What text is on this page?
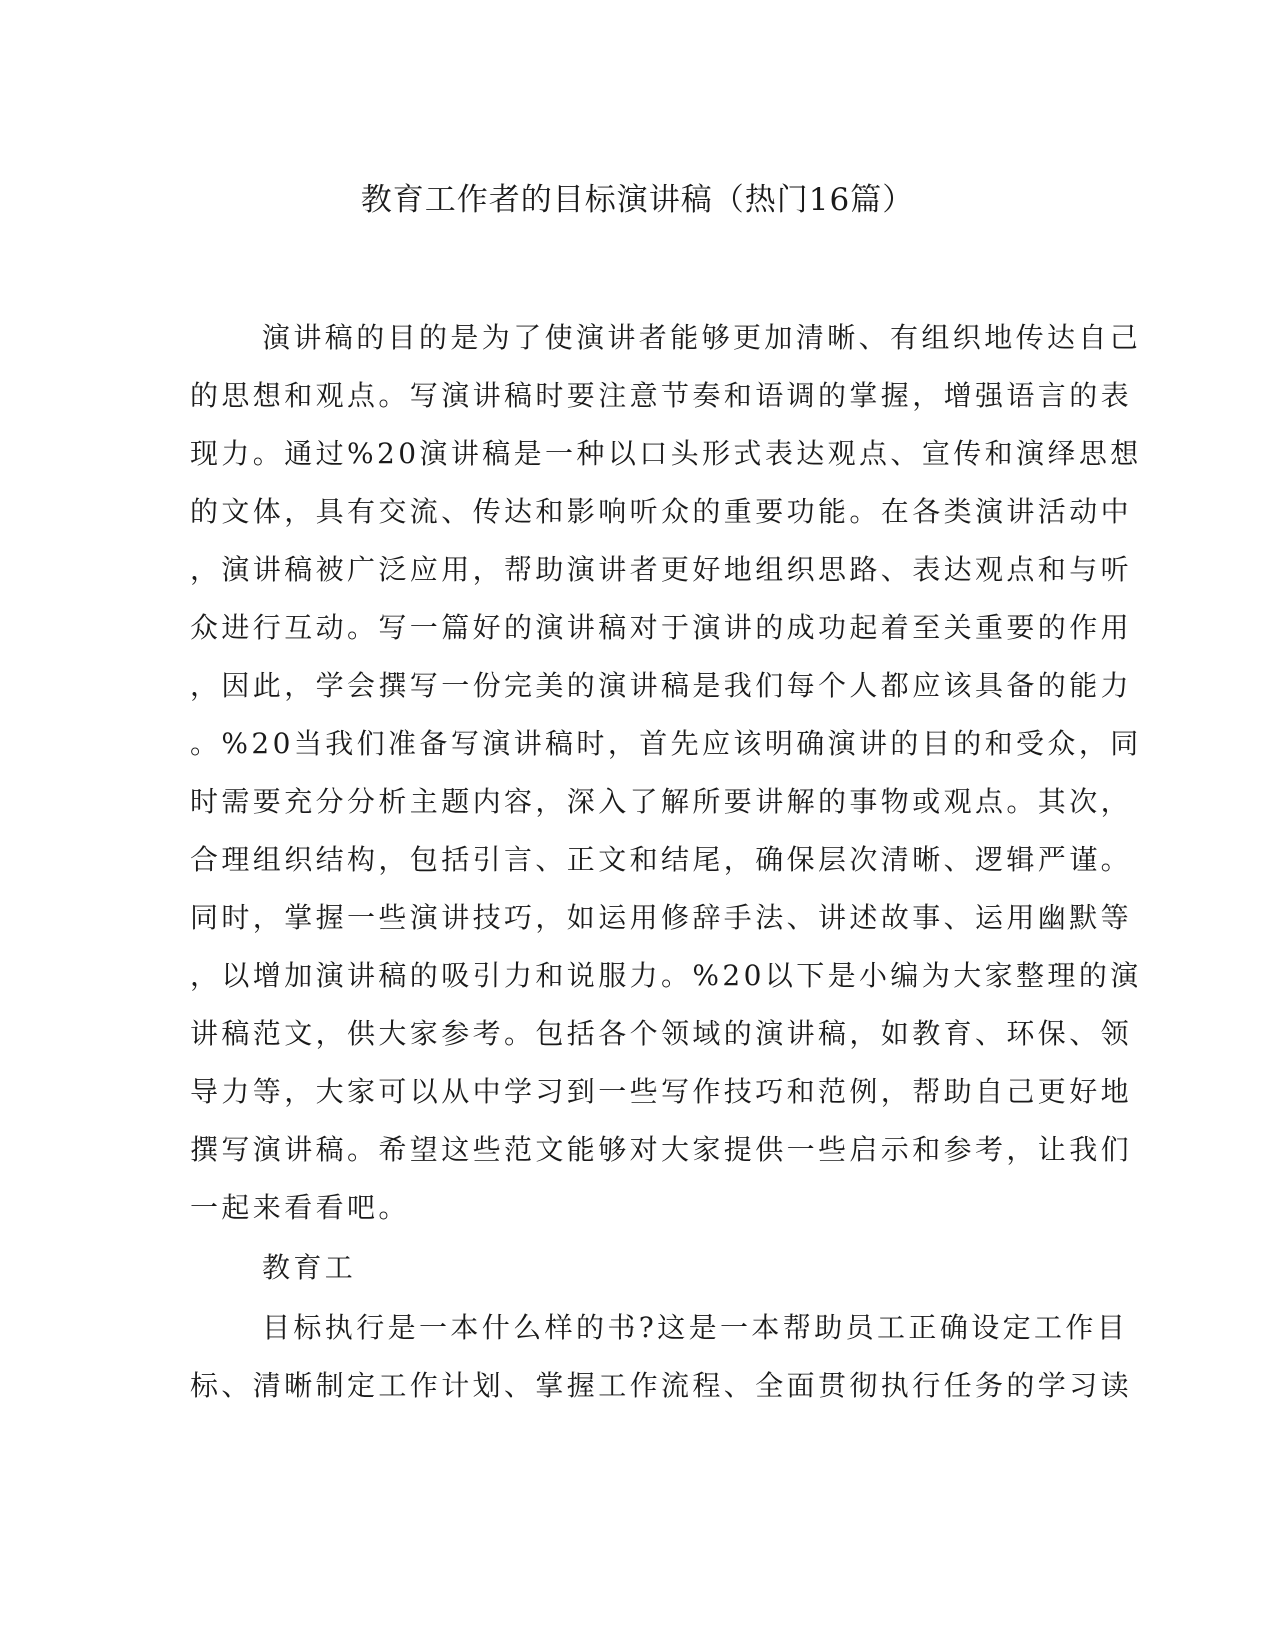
教育工作者的目标演讲稿（热门16篇）
演讲稿的目的是为了使演讲者能够更加清晰、有组织地传达自己
的思想和观点。写演讲稿时要注意节奏和语调的掌握，增强语言的表
现力。通过%20演讲稿是一种以口头形式表达观点、宣传和演绎思想
的文体，具有交流、传达和影响听众的重要功能。在各类演讲活动中
，演讲稿被广泛应用，帮助演讲者更好地组织思路、表达观点和与听
众进行互动。写一篇好的演讲稿对于演讲的成功起着至关重要的作用
，因此，学会撰写一份完美的演讲稿是我们每个人都应该具备的能力
。%20当我们准备写演讲稿时，首先应该明确演讲的目的和受众，同
时需要充分分析主题内容，深入了解所要讲解的事物或观点。其次，
合理组织结构，包括引言、正文和结尾，确保层次清晰、逻辑严谨。
同时，掌握一些演讲技巧，如运用修辞手法、讲述故事、运用幽默等
，以增加演讲稿的吸引力和说服力。%20以下是小编为大家整理的演
讲稿范文，供大家参考。包括各个领域的演讲稿，如教育、环保、领
导力等，大家可以从中学习到一些写作技巧和范例，帮助自己更好地
撰写演讲稿。希望这些范文能够对大家提供一些启示和参考，让我们
一起来看看吧。
教育工
目标执行是一本什么样的书?这是一本帮助员工正确设定工作目
标、清晰制定工作计划、掌握工作流程、全面贯彻执行任务的学习读
